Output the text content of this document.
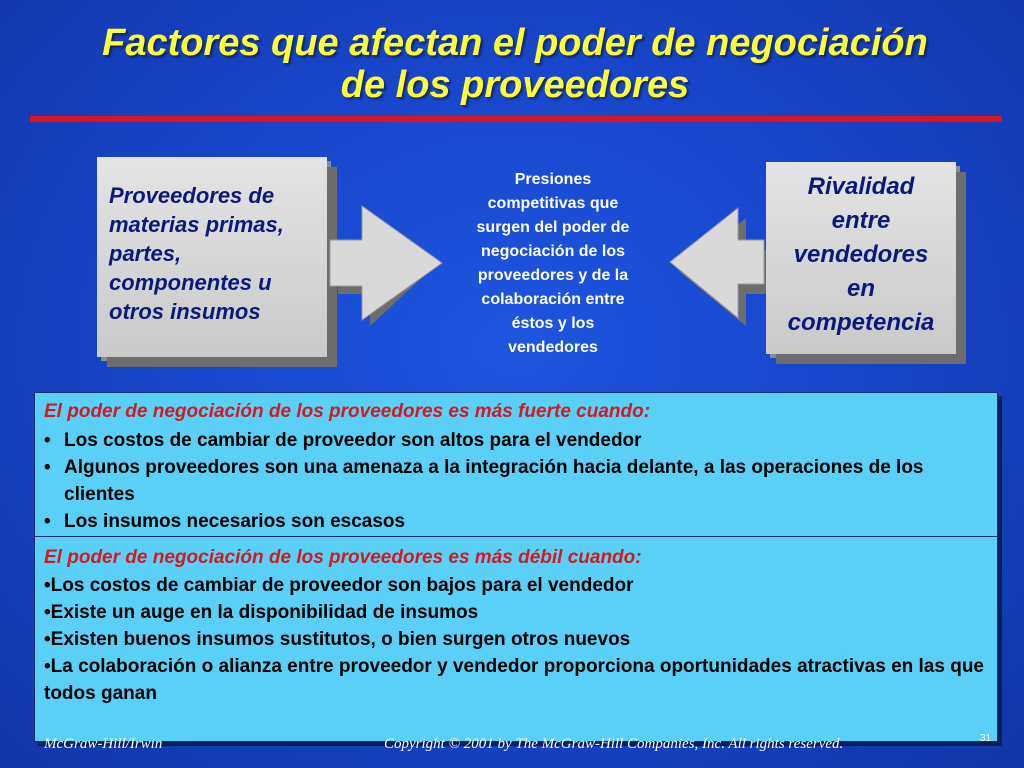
Factores que afectan el poder de negociación
de los proveedores
Proveedores de
materias primas,
partes,
componentes u
otros insumos
Presiones
competitivas que
surgen del poder de
negociación de los
proveedores y de la
colaboración entre
éstos y los
vendedores
Rivalidad
entre
vendedores
en
competencia
El poder de negociación de los proveedores es más fuerte cuando:
• Los costos de cambiar de proveedor son altos para el vendedor
• Algunos proveedores son una amenaza a la integración hacia delante, a las operaciones de los clientes
• Los insumos necesarios son escasos
El poder de negociación de los proveedores es más débil cuando:
•Los costos de cambiar de proveedor son bajos para el vendedor
•Existe un auge en la disponibilidad de insumos
•Existen buenos insumos sustitutos, o bien surgen otros nuevos
•La colaboración o alianza entre proveedor y vendedor proporciona oportunidades atractivas en las que todos ganan
McGraw-Hill/Irwin	Copyright © 2001 by The McGraw-Hill Companies, Inc. All rights reserved.	31
